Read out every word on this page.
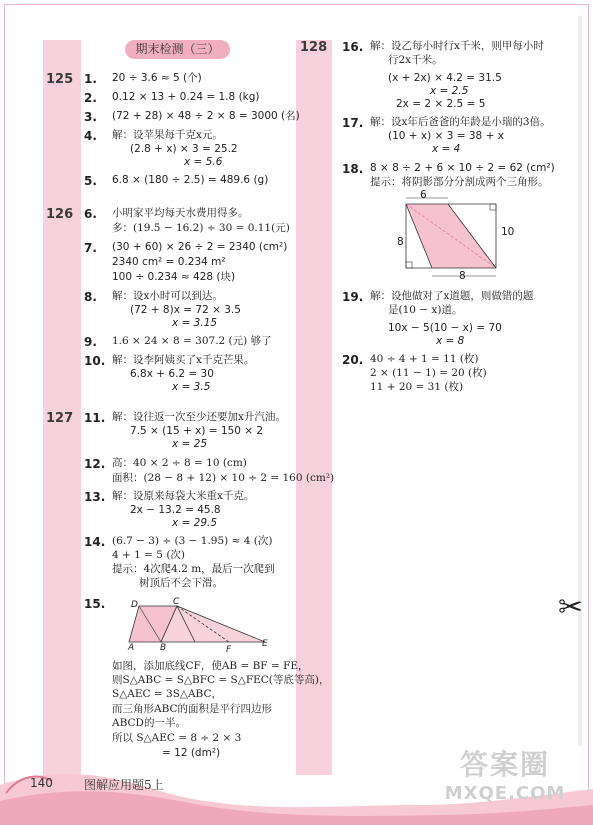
期末检测（三）
125
126
127
128
1. 20 ÷ 3.6 ≈ 5 (个)
2. 0.12 × 13 + 0.24 = 1.8 (kg)
3. (72 + 28) × 48 ÷ 2 × 8 = 3000 (名)
4. 解：设苹果每千克x元。
(2.8 + x) × 3 = 25.2
x = 5.6
5. 6.8 × (180 ÷ 2.5) = 489.6 (g)
6. 小明家平均每天水费用得多。
多：(19.5 − 16.2) ÷ 30 = 0.11(元)
7. (30 + 60) × 26 ÷ 2 = 2340 (cm²)
2340 cm² = 0.234 m²
100 ÷ 0.234 ≈ 428 (块)
8. 解：设x小时可以到达。
(72 + 8)x = 72 × 3.5
x = 3.15
9. 1.6 × 24 × 8 = 307.2 (元) 够了
10. 解：设李阿姨买了x千克芒果。
6.8x + 6.2 = 30
x = 3.5
11. 解：设往返一次至少还要加x升汽油。
7.5 × (15 + x) = 150 × 2
x = 25
12. 高：40 × 2 ÷ 8 = 10 (cm)
面积：(28 − 8 + 12) × 10 ÷ 2 = 160 (cm²)
13. 解：设原来每袋大米重x千克。
2x − 13.2 = 45.8
x = 29.5
14. (6.7 − 3) ÷ (3 − 1.95) ≈ 4 (次)
4 + 1 = 5 (次)
提示：4次爬4.2 m，最后一次爬到
树顶后不会下滑。
15.	D	C
A	B	F
E
如图，添加底线CF，使AB = BF = FE，
则S△ABC = S△BFC = S△FEC(等底等高)，
S△AEC = 3S△ABC，
而三角形ABC的面积是平行四边形
ABCD的一半。
所以 S△AEC = 8 ÷ 2 × 3
= 12 (dm²)
16. 解：设乙每小时行x千米，则甲每小时
行2x千米。
(x + 2x) × 4.2 = 31.5
x = 2.5
2x = 2 × 2.5 = 5
17. 解：设x年后爸爸的年龄是小瑞的3倍。
(10 + x) × 3 = 38 + x
x = 4
18. 8 × 8 ÷ 2 + 6 × 10 ÷ 2 = 62 (cm²)
提示：将阴影部分分割成两个三角形。
6
8
10
8
19. 解：设他做对了x道题，则做错的题
是(10 − x)道。
10x − 5(10 − x) = 70
x = 8
20. 40 ÷ 4 + 1 = 11 (枚)
2 × (11 − 1) = 20 (枚)
11 + 20 = 31 (枚)
✂
140	图解应用题5上
答案圈
MXQE.COM
